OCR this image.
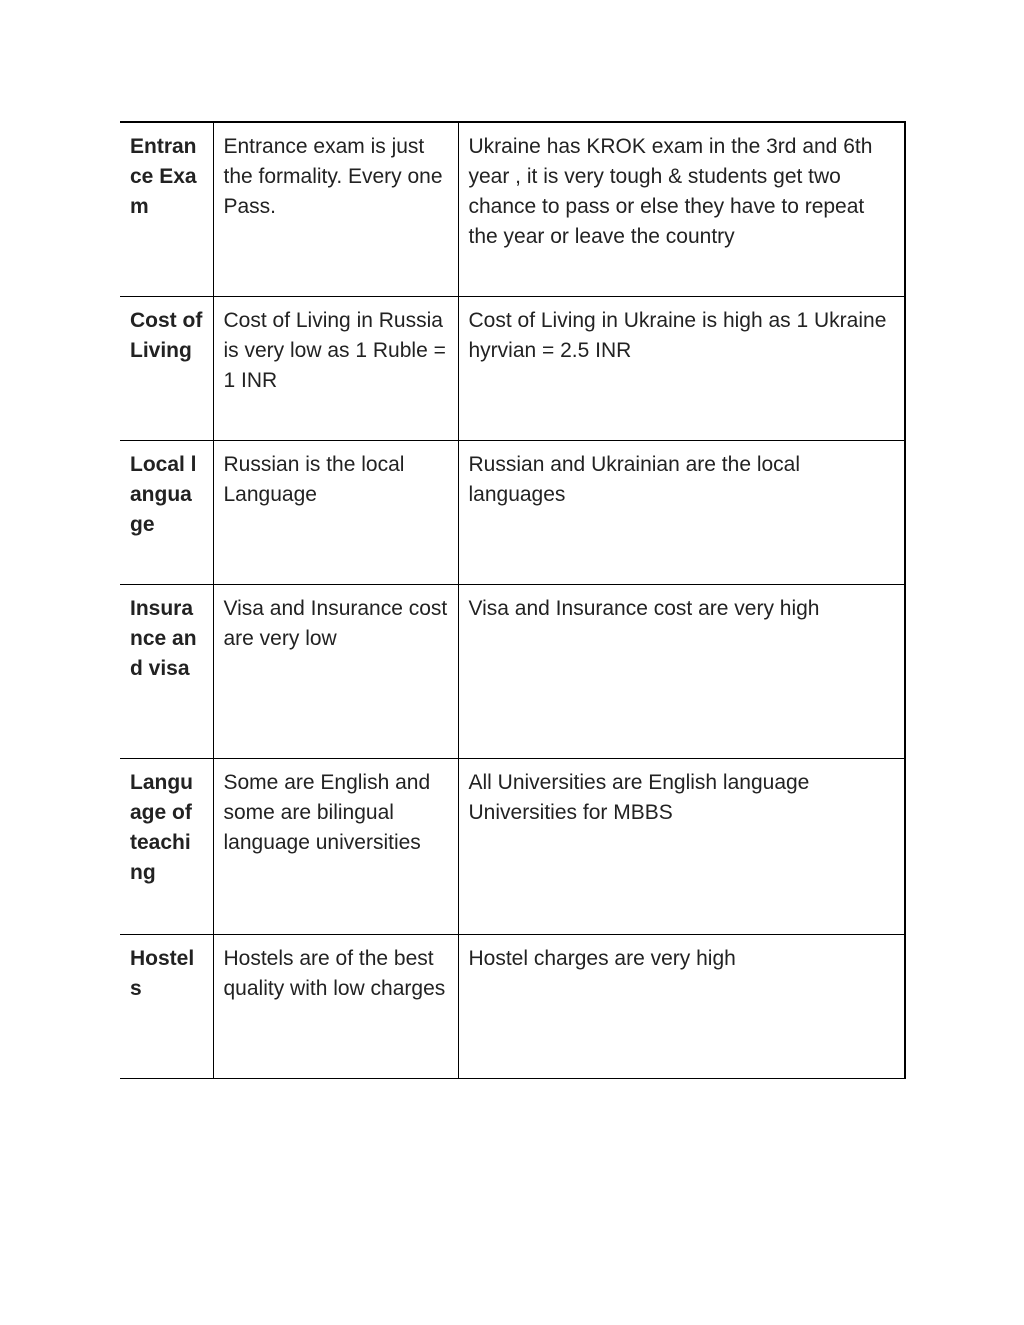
Entrance Exam	Entrance exam is just the formality. Every one Pass.	Ukraine has KROK exam in the 3rd and 6th year , it is very tough & students get two chance to pass or else they have to repeat the year or leave the country
Cost of Living	Cost of Living in Russia is very low as 1 Ruble = 1 INR	Cost of Living in Ukraine is high as 1 Ukraine hyrvian = 2.5 INR
Local language	Russian is the local Language	Russian and Ukrainian are the local languages
Insurance and visa	Visa and Insurance cost are very low	Visa and Insurance cost are very high
Language of teaching	Some are English and some are bilingual language universities	All Universities are English language Universities for MBBS
Hostels	Hostels are of the best quality with low charges	Hostel charges are very high
